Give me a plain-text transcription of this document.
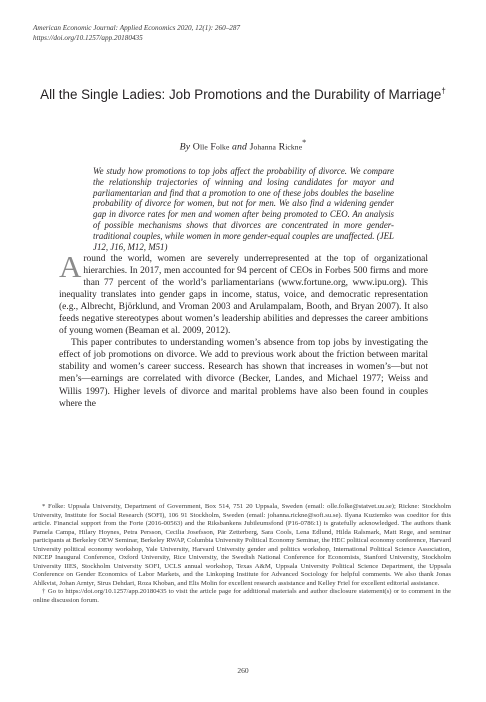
American Economic Journal: Applied Economics 2020, 12(1): 260–287
https://doi.org/10.1257/app.20180435
All the Single Ladies: Job Promotions and the Durability of Marriage†
By Olle Folke and Johanna Rickne*
We study how promotions to top jobs affect the probability of divorce. We compare the relationship trajectories of winning and losing candidates for mayor and parliamentarian and find that a promotion to one of these jobs doubles the baseline probability of divorce for women, but not for men. We also find a widening gender gap in divorce rates for men and women after being promoted to CEO. An analysis of possible mechanisms shows that divorces are concentrated in more gender-traditional couples, while women in more gender-equal couples are unaffected. (JEL J12, J16, M12, M51)

Around the world, women are severely underrepresented at the top of organizational hierarchies. In 2017, men accounted for 94 percent of CEOs in Forbes 500 firms and more than 77 percent of the world’s parliamentarians (www.fortune.org, www.ipu.org). This inequality translates into gender gaps in income, status, voice, and democratic representation (e.g., Albrecht, Björklund, and Vroman 2003 and Arulampalam, Booth, and Bryan 2007). It also feeds negative stereotypes about women’s leadership abilities and depresses the career ambitions of young women (Beaman et al. 2009, 2012).

This paper contributes to understanding women’s absence from top jobs by investigating the effect of job promotions on divorce. We add to previous work about the friction between marital stability and women’s career success. Research has shown that increases in women’s—but not men’s—earnings are correlated with divorce (Becker, Landes, and Michael 1977; Weiss and Willis 1997). Higher levels of divorce and marital problems have also been found in couples where the

* Folke: Uppsala University, Department of Government, Box 514, 751 20 Uppsala, Sweden (email: olle.folke@statvet.uu.se); Rickne: Stockholm University, Institute for Social Research (SOFI), 106 91 Stockholm, Sweden (email: johanna.rickne@sofi.su.se). Ilyana Kuziemko was coeditor for this article. Financial support from the Forte (2016-00563) and the Riksbankens Jubileumsfond (P16-0786:1) is gratefully acknowledged. The authors thank Pamela Campa, Hilary Hoynes, Petra Persson, Cecilia Josefsson, Pär Zetterberg, Sara Cools, Lena Edlund, Hilda Ralsmark, Matt Rege, and seminar participants at Berkeley OEW Seminar, Berkeley RWAP, Columbia University Political Economy Seminar, the HEC political economy conference, Harvard University political economy workshop, Yale University, Harvard University gender and politics workshop, International Political Science Association, NICEP Inaugural Conference, Oxford University, Rice University, the Swedish National Conference for Economists, Stanford University, Stockholm University IIES, Stockholm University SOFI, UCLS annual workshop, Texas A&M, Uppsala University Political Science Department, the Uppsala Conference on Gender Economics of Labor Markets, and the Linkoping Institute for Advanced Sociology for helpful comments. We also thank Jonas Ahlkvist, Johan Arntyr, Sirus Dehdari, Roza Khoban, and Elis Molin for excellent research assistance and Kelley Friel for excellent editorial assistance.

† Go to https://doi.org/10.1257/app.20180435 to visit the article page for additional materials and author disclosure statement(s) or to comment in the online discussion forum.

260
